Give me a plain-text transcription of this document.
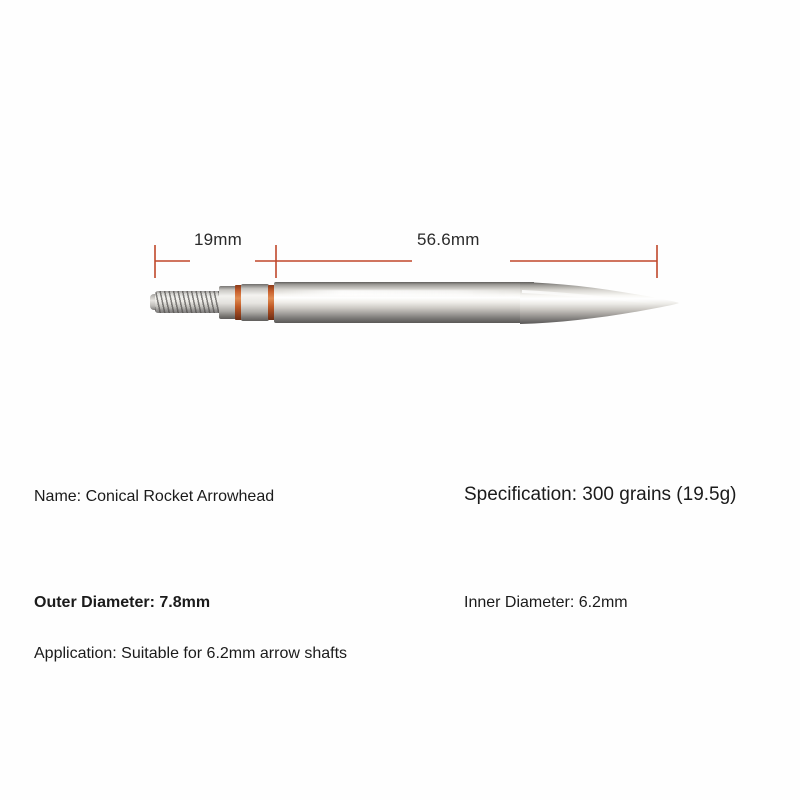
19mm	56.6mm
Name: Conical Rocket Arrowhead	Specification: 300 grains (19.5g)
Outer Diameter: 7.8mm	Inner Diameter: 6.2mm
Application: Suitable for 6.2mm arrow shafts
